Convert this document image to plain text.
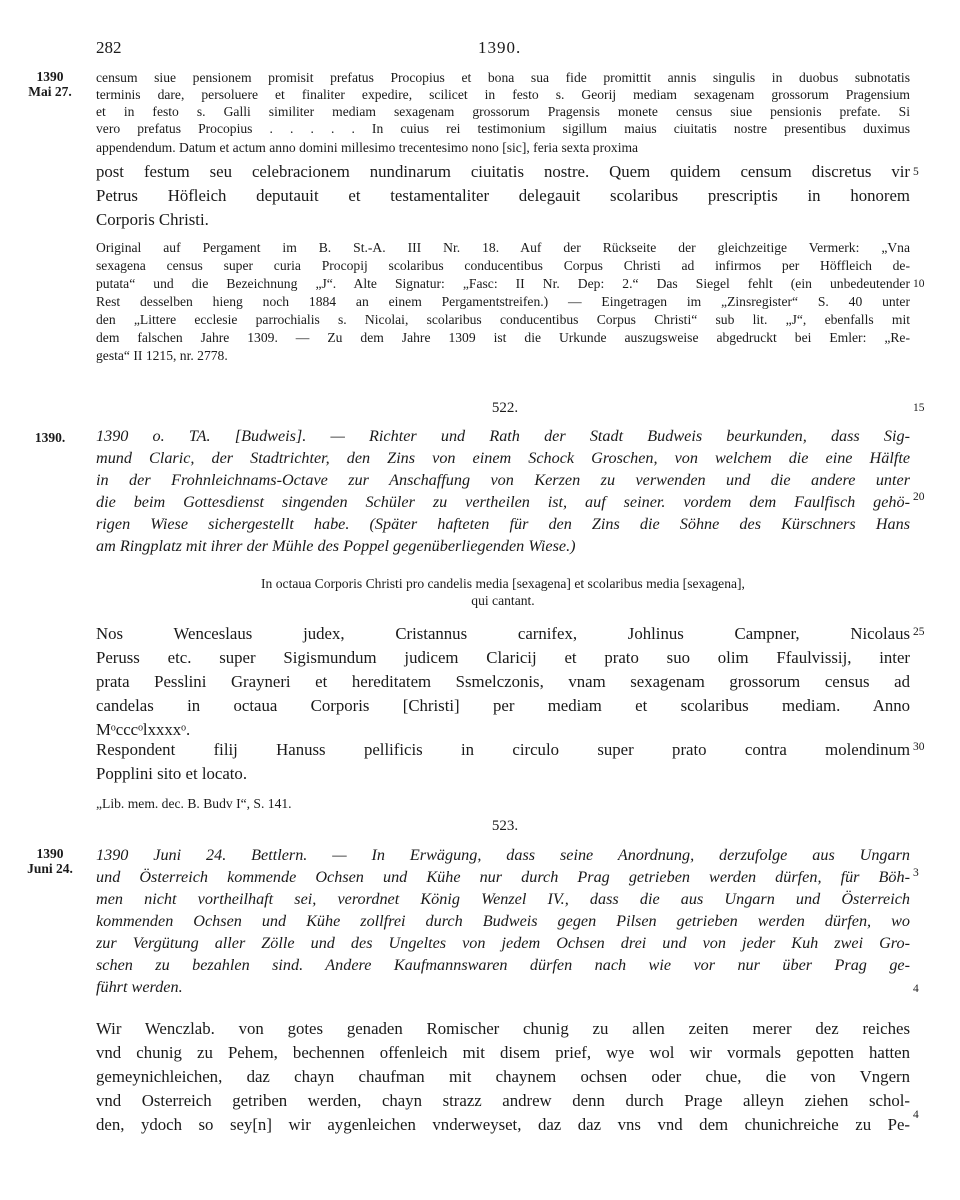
282	1390.
1390
Mai 27.
1390.
1390
Juni 24.
5
10
15
20
25
30
3
4
4
522.
523.
censum siue pensionem promisit prefatus Procopius et bona sua fide promittit annis singulis in duobus subnotatis
terminis dare, persoluere et finaliter expedire, scilicet in festo s. Georij mediam sexagenam grossorum Pragensium
et in festo s. Galli similiter mediam sexagenam grossorum Pragensis monete census siue pensionis prefate. Si
vero prefatus Procopius . . . . . In cuius rei testimonium sigillum maius ciuitatis nostre presentibus duximus
appendendum. Datum et actum anno domini millesimo trecentesimo nono [sic], feria sexta proxima
post festum seu celebracionem nundinarum ciuitatis nostre. Quem quidem censum discretus vir
Petrus Höfleich deputauit et testamentaliter delegauit scolaribus prescriptis in honorem
Corporis Christi.
Original auf Pergament im B. St.-A. III Nr. 18. Auf der Rückseite der gleichzeitige Vermerk: „Vna
sexagena census super curia Procopij scolaribus conducentibus Corpus Christi ad infirmos per Höffleich de-
putata“ und die Bezeichnung „J“. Alte Signatur: „Fasc: II Nr. Dep: 2.“ Das Siegel fehlt (ein unbedeutender
Rest desselben hieng noch 1884 an einem Pergamentstreifen.) — Eingetragen im „Zinsregister“ S. 40 unter
den „Littere ecclesie parrochialis s. Nicolai, scolaribus conducentibus Corpus Christi“ sub lit. „J“, ebenfalls mit
dem falschen Jahre 1309. — Zu dem Jahre 1309 ist die Urkunde auszugsweise abgedruckt bei Emler: „Re-
gesta“ II 1215, nr. 2778.
1390 o. TA. [Budweis]. — Richter und Rath der Stadt Budweis beurkunden, dass Sig-
mund Claric, der Stadtrichter, den Zins von einem Schock Groschen, von welchem die eine Hälfte
in der Frohnleichnams-Octave zur Anschaffung von Kerzen zu verwenden und die andere unter
die beim Gottesdienst singenden Schüler zu vertheilen ist, auf seiner. vordem dem Faulfisch gehö-
rigen Wiese sichergestellt habe. (Später hafteten für den Zins die Söhne des Kürschners Hans
am Ringplatz mit ihrer der Mühle des Poppel gegenüberliegenden Wiese.)
In octaua Corporis Christi pro candelis media [sexagena] et scolaribus media [sexagena],
qui cantant.
Nos Wenceslaus judex, Cristannus carnifex, Johlinus Campner, Nicolaus
Peruss etc. super Sigismundum judicem Claricij et prato suo olim Ffaulvissij, inter
prata Pesslini Grayneri et hereditatem Ssmelczonis, vnam sexagenam grossorum census ad
candelas in octaua Corporis [Christi] per mediam et scolaribus mediam. Anno
Mᵒcccᵒlxxxxᵒ.
Respondent filij Hanuss pellificis in circulo super prato contra molendinum
Popplini sito et locato.
„Lib. mem. dec. B. Budv I“, S. 141.
1390 Juni 24. Bettlern. — In Erwägung, dass seine Anordnung, derzufolge aus Ungarn
und Österreich kommende Ochsen und Kühe nur durch Prag getrieben werden dürfen, für Böh-
men nicht vortheilhaft sei, verordnet König Wenzel IV., dass die aus Ungarn und Österreich
kommenden Ochsen und Kühe zollfrei durch Budweis gegen Pilsen getrieben werden dürfen, wo
zur Vergütung aller Zölle und des Ungeltes von jedem Ochsen drei und von jeder Kuh zwei Gro-
schen zu bezahlen sind. Andere Kaufmannswaren dürfen nach wie vor nur über Prag ge-
führt werden.
Wir Wenczlab. von gotes genaden Romischer chunig zu allen zeiten merer dez reiches
vnd chunig zu Pehem, bechennen offenleich mit disem prief, wye wol wir vormals gepotten hatten
gemeynichleichen, daz chayn chaufman mit chaynem ochsen oder chue, die von Vngern
vnd Osterreich getriben werden, chayn strazz andrew denn durch Prage alleyn ziehen schol-
den, ydoch so sey[n] wir aygenleichen vnderweyset, daz daz vns vnd dem chunichreiche zu Pe-
